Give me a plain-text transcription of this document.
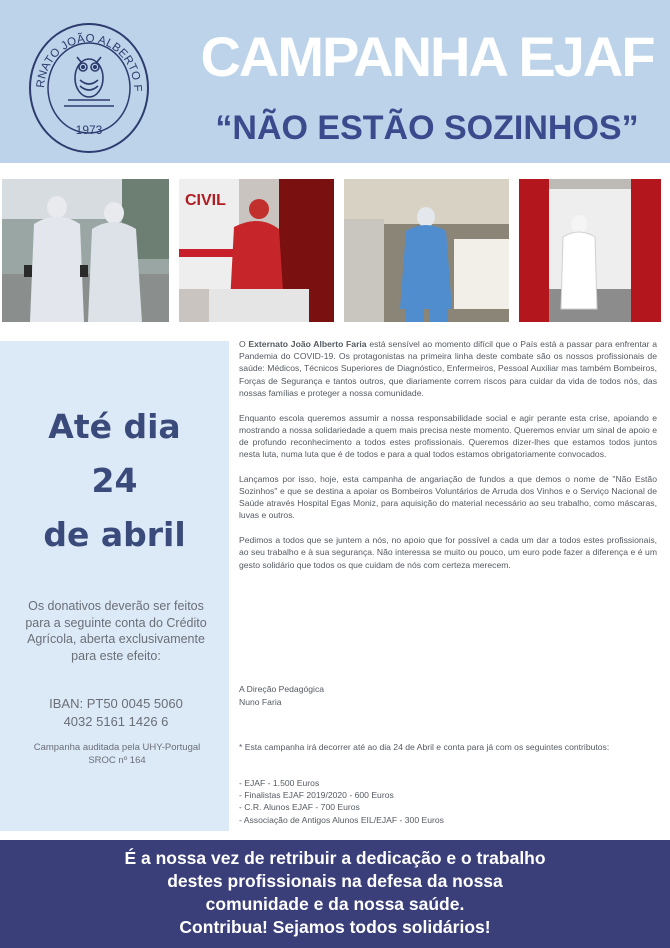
RNATO JOÃO ALBERTO F
1973
CAMPANHA EJAF
“NÃO ESTÃO SOZINHOS”
CIVIL
Até dia
24
de abril
Os donativos deverão ser feitos para a seguinte conta do Crédito Agrícola, aberta exclusivamente para este efeito:
IBAN: PT50 0045 5060
4032 5161 1426 6
Campanha auditada pela UHY-Portugal SROC nº 164

O Externato João Alberto Faria está sensível ao momento difícil que o País está a passar para enfrentar a Pandemia do COVID-19. Os protagonistas na primeira linha deste combate são os nossos profissionais de saúde: Médicos, Técnicos Superiores de Diagnóstico, Enfermeiros, Pessoal Auxiliar mas também Bombeiros, Forças de Segurança e tantos outros, que diariamente correm riscos para cuidar da vida de todos nós, das nossas famílias e proteger a nossa comunidade.

Enquanto escola queremos assumir a nossa responsabilidade social e agir perante esta crise, apoiando e mostrando a nossa solidariedade a quem mais precisa neste momento. Queremos enviar um sinal de apoio e de profundo reconhecimento a todos estes profissionais. Queremos dizer-lhes que estamos todos juntos nesta luta, numa luta que é de todos e para a qual todos estamos obrigatoriamente convocados.

Lançamos por isso, hoje, esta campanha de angariação de fundos a que demos o nome de "Não Estão Sozinhos" e que se destina a apoiar os Bombeiros Voluntários de Arruda dos Vinhos e o Serviço Nacional de Saúde através Hospital Egas Moniz, para aquisição do material necessário ao seu trabalho, como máscaras, luvas e outros.

Pedimos a todos que se juntem a nós, no apoio que for possível a cada um dar a todos estes profissionais, ao seu trabalho e à sua segurança. Não interessa se muito ou pouco, um euro pode fazer a diferença e é um gesto solidário que todos os que cuidam de nós com certeza merecem.

A Direção Pedagógica
Nuno Faria
* Esta campanha irá decorrer até ao dia 24 de Abril e conta para já com os seguintes contributos:
- EJAF - 1.500 Euros
- Finalistas EJAF 2019/2020 - 600 Euros
- C.R. Alunos EJAF - 700 Euros
- Associação de Antigos Alunos EIL/EJAF - 300 Euros
É a nossa vez de retribuir a dedicação e o trabalho
destes profissionais na defesa da nossa
comunidade e da nossa saúde.
Contribua! Sejamos todos solidários!
